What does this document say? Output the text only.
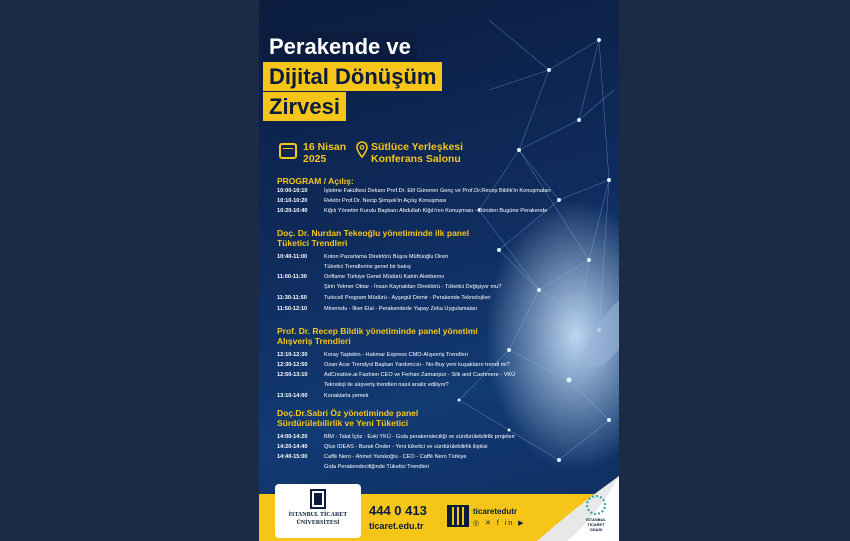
Perakende ve
Dijital Dönüşüm
Zirvesi
16 Nisan
2025
Sütlüce Yerleşkesi
Konferans Salonu
PROGRAM / Açılış:
10:00-10:10	İşletme Fakültesi Dekanı Prof.Dr. Elif Güneren Genç ve Prof.Dr.Recep Bildik'in Konuşmaları
10:10-10:20	Rektör Prof.Dr. Necip Şimşek'in Açılış Konuşması
10:20-10:40	Kiğılı Yönetim Kurulu Başkanı Abdullah Kiğılı'nın Konuşması - Dünden Bugüne Perakende
Doç. Dr. Nurdan Tekeoğlu yönetiminde ilk panel
Tüketici Trendleri
10:40-11:00	Koton Pazarlama Direktörü Büşra Müftüoğlu Diren
Tüketici Trendlerine genel bir bakış
11:00-11:30	Oriflame Türkiye Genel Müdürü Katrin Alekberov
Şirin Yelmer Oktar - İnsan Kaynakları Direktörü - Tüketici Değişiyor mu?
11:30-11:50	Turkcell Program Müdürü - Ayşegül Demir - Perakende Teknolojileri
11:50-12:10	Mineredu - İlker Elal - Perakendede Yapay Zeka Uygulamaları
Prof. Dr. Recep Bildik yönetiminde panel yönetimi
Alışveriş Trendleri
12:10-12:30	Koray Taştekin - Hakmar Express CMO-Alışveriş Trendleri
12:30-12:50	Ozan Acar Trendyol Başkan Yardımcısı - No-Buy yeni kuşakların trendi mi?
12:50-13:10	AdCreative.ai Fashion CEO ve Ferhan Zamanpur - Silk and Cashmere - VKÜ
Teknoloji ile alışveriş trendleri nasıl analiz ediliyor?
13:10-14:00	Konaklarla yemek
Doç.Dr.Sabri Öz yönetiminde panel
Sürdürülebilirlik ve Yeni Tüketici
14:00-14:20	BİM - Talat İçöz - Eski YKÜ - Gıda perakendeciliği ve sürdürülebilirlik projeleri
14:20-14:40	Qlux IDEAS - Burak Önder - Yeni tüketici ve sürdürülebilirlik ilişkisi
14:40-15:00	Caffè Nero - Ahmet Yanıkoğlu - CEO - Caffè Nero Türkiye
Gıda Perakendeciliğinde Tüketici Trendleri
İSTANBUL TİCARET
ÜNİVERSİTESİ
444 0 413
ticaret.edu.tr
ticaretedutr
◎ ✕ f in ▶
İSTANBUL
TİCARET
ODASI
